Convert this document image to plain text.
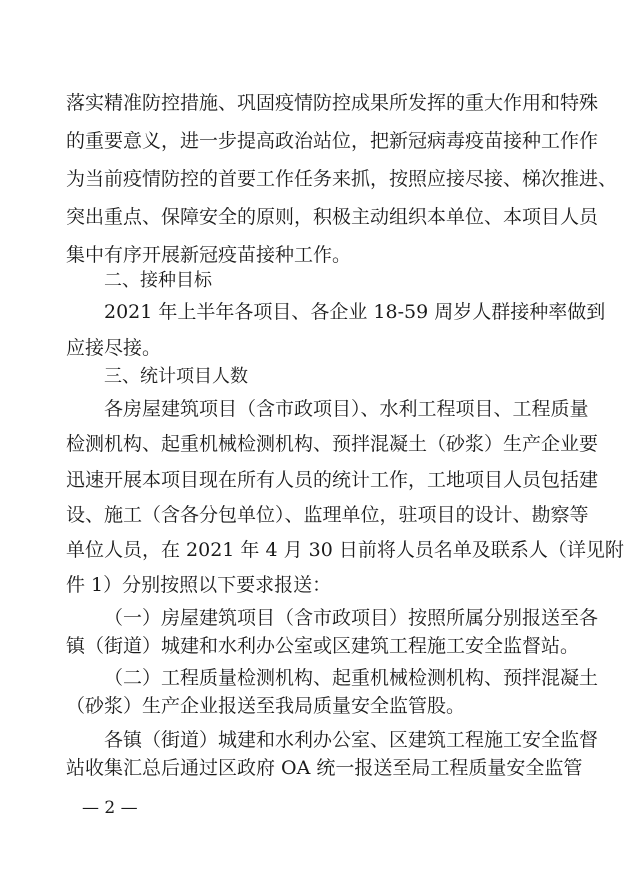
落实精准防控措施、巩固疫情防控成果所发挥的重大作用和特殊
的重要意义，进一步提高政治站位，把新冠病毒疫苗接种工作作
为当前疫情防控的首要工作任务来抓，按照应接尽接、梯次推进、
突出重点、保障安全的原则，积极主动组织本单位、本项目人员
集中有序开展新冠疫苗接种工作。
二、接种目标
2021 年上半年各项目、各企业 18-59 周岁人群接种率做到
应接尽接。
三、统计项目人数
各房屋建筑项目（含市政项目）、水利工程项目、工程质量
检测机构、起重机械检测机构、预拌混凝土（砂浆）生产企业要
迅速开展本项目现在所有人员的统计工作，工地项目人员包括建
设、施工（含各分包单位）、监理单位，驻项目的设计、勘察等
单位人员，在 2021 年 4 月 30 日前将人员名单及联系人（详见附
件 1）分别按照以下要求报送：
（一）房屋建筑项目（含市政项目）按照所属分别报送至各
镇（街道）城建和水利办公室或区建筑工程施工安全监督站。
（二）工程质量检测机构、起重机械检测机构、预拌混凝土
（砂浆）生产企业报送至我局质量安全监管股。
各镇（街道）城建和水利办公室、区建筑工程施工安全监督
站收集汇总后通过区政府 OA 统一报送至局工程质量安全监管
— 2 —
